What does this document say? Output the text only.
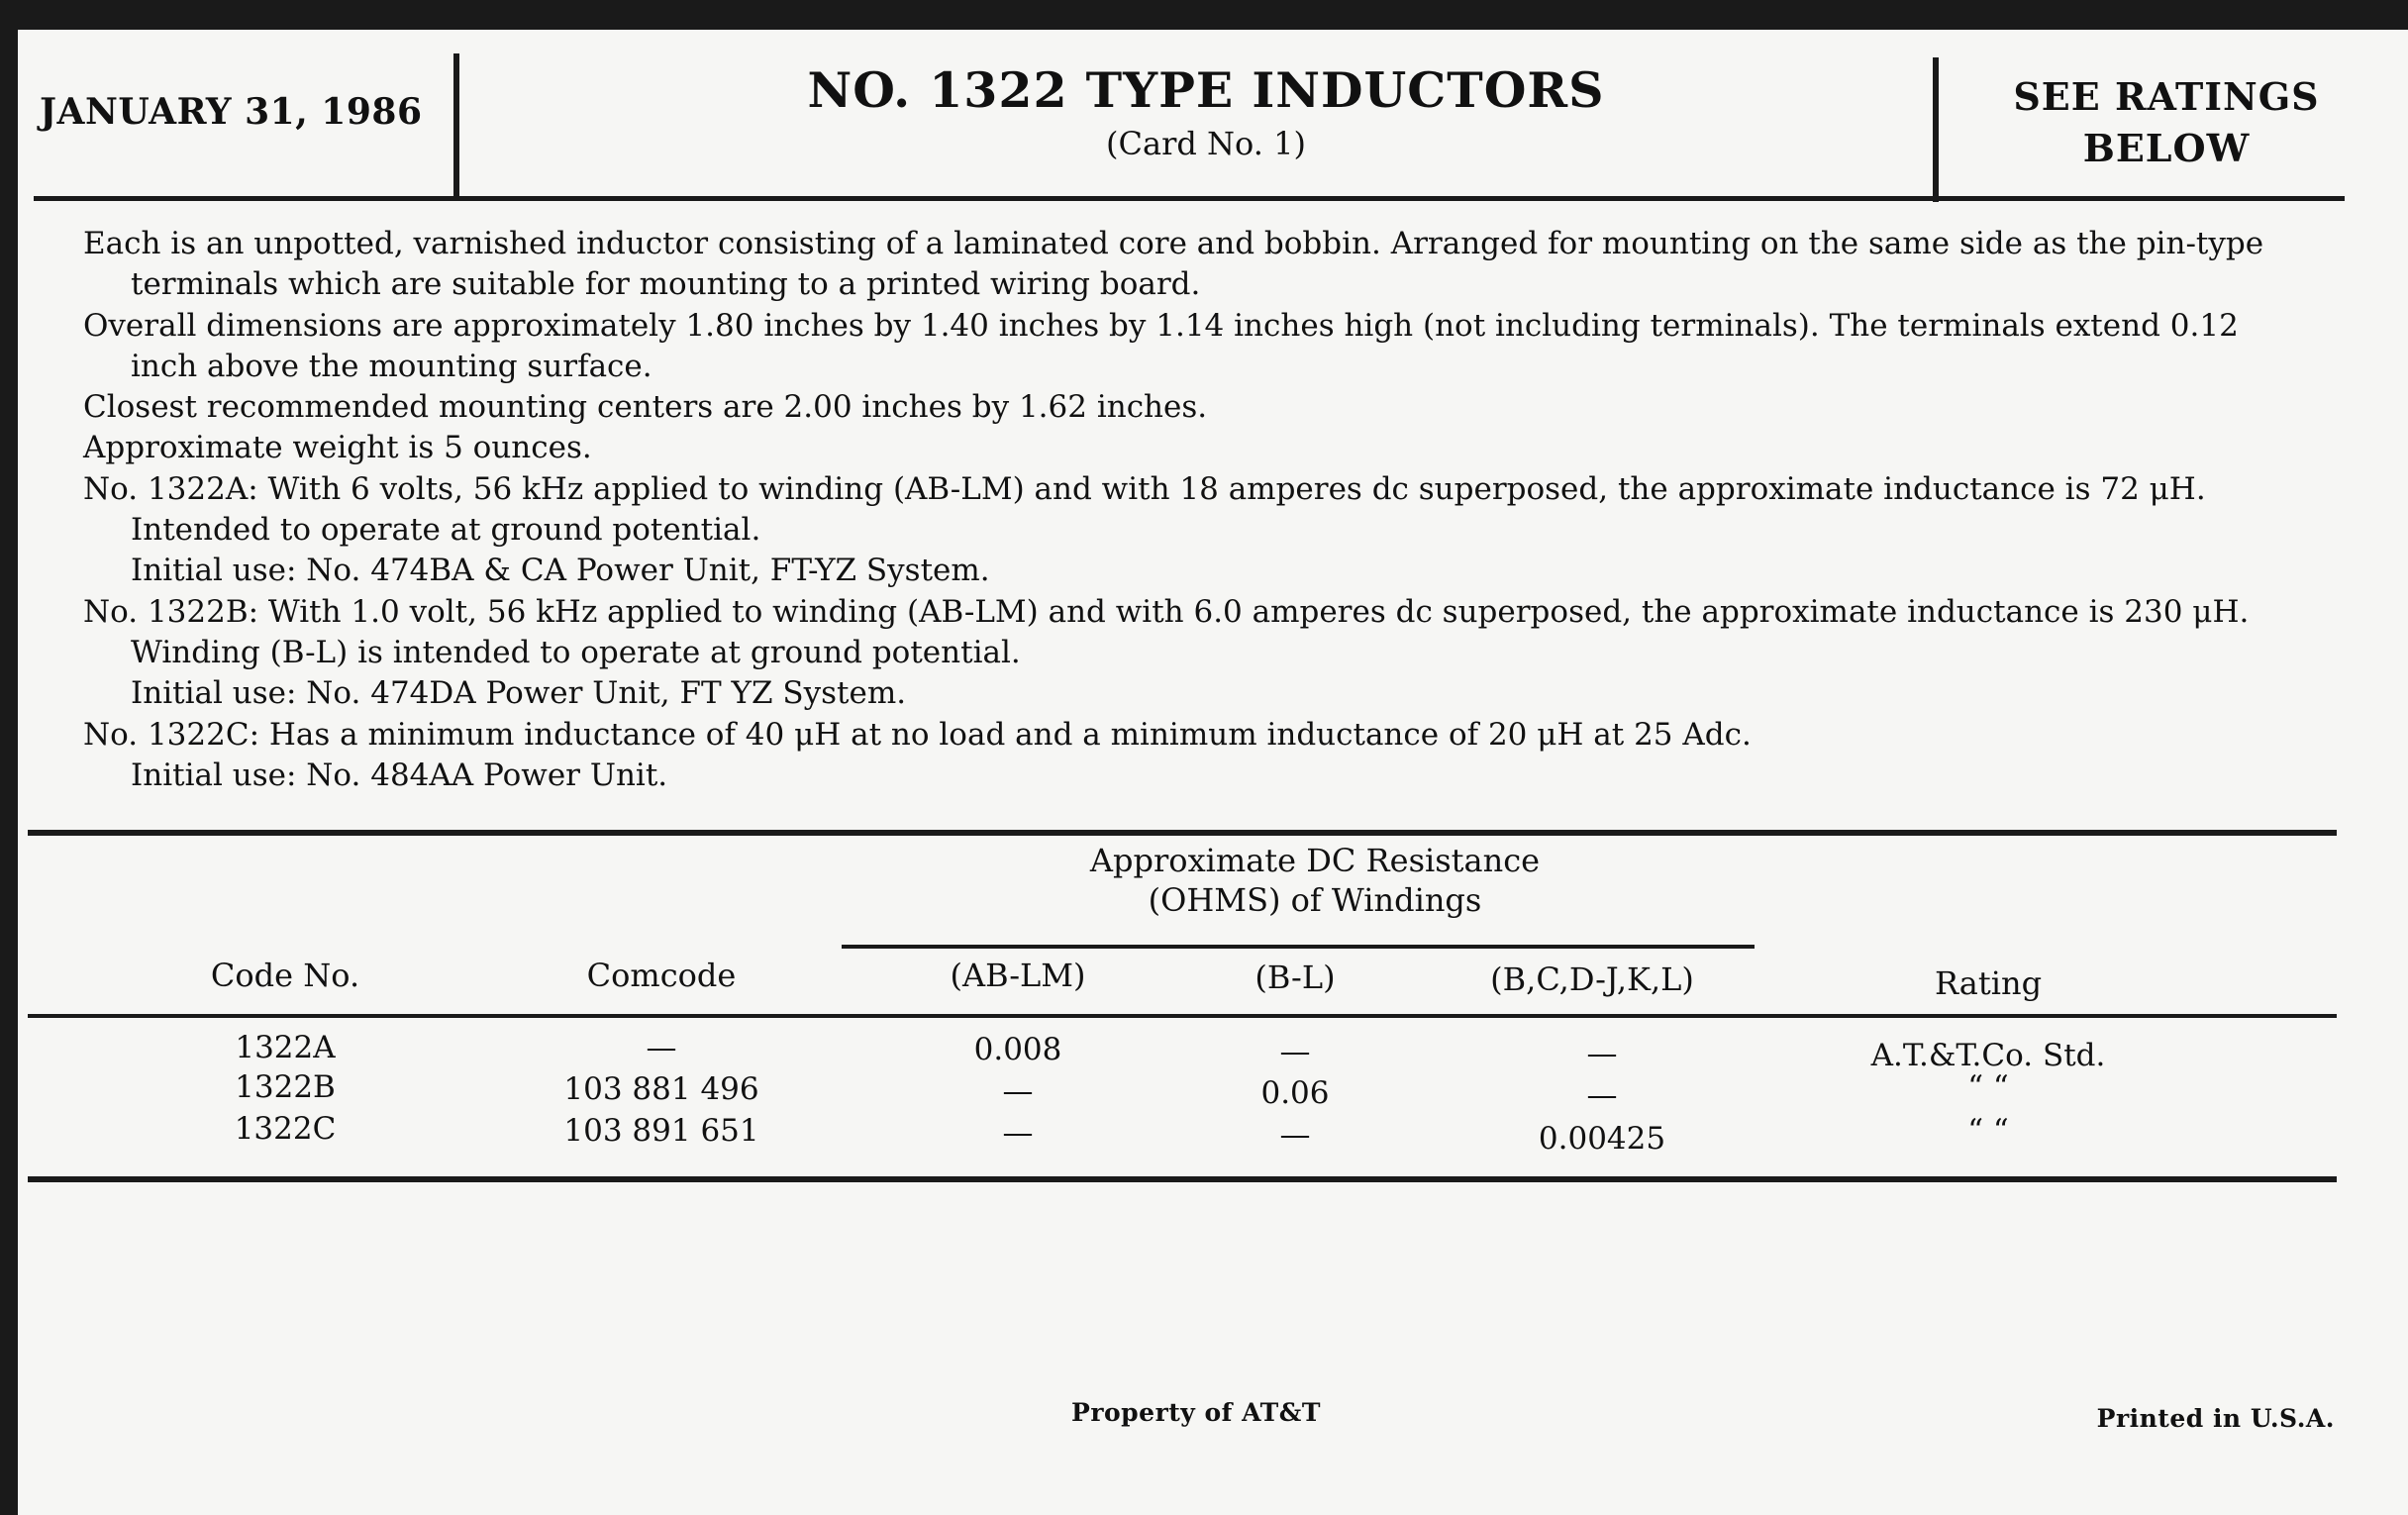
JANUARY 31, 1986	NO. 1322 TYPE INDUCTORS
(Card No. 1)
SEE RATINGS
BELOW
Each is an unpotted, varnished inductor consisting of a laminated core and bobbin. Arranged for mounting on the same side as the pin-type terminals which are suitable for mounting to a printed wiring board.
Overall dimensions are approximately 1.80 inches by 1.40 inches by 1.14 inches high (not including terminals). The terminals extend 0.12 inch above the mounting surface.
Closest recommended mounting centers are 2.00 inches by 1.62 inches.
Approximate weight is 5 ounces.
No. 1322A: With 6 volts, 56 kHz applied to winding (AB-LM) and with 18 amperes dc superposed, the approximate inductance is 72 μH.
Intended to operate at ground potential.
Initial use: No. 474BA & CA Power Unit, FT-YZ System.
No. 1322B: With 1.0 volt, 56 kHz applied to winding (AB-LM) and with 6.0 amperes dc superposed, the approximate inductance is 230 μH.
Winding (B-L) is intended to operate at ground potential.
Initial use: No. 474DA Power Unit, FT YZ System.
No. 1322C: Has a minimum inductance of 40 μH at no load and a minimum inductance of 20 μH at 25 Adc.
Initial use: No. 484AA Power Unit.
Approximate DC Resistance
(OHMS) of Windings
Code No.	Comcode	(AB-LM)	(B-L)	(B,C,D-J,K,L)	Rating
1322A	—	0.008	—	—	A.T.&T.Co. Std.
1322B	103 881 496	—	0.06	—	“ “
1322C	103 891 651	—	—	0.00425	“ “
Property of AT&T	Printed in U.S.A.
